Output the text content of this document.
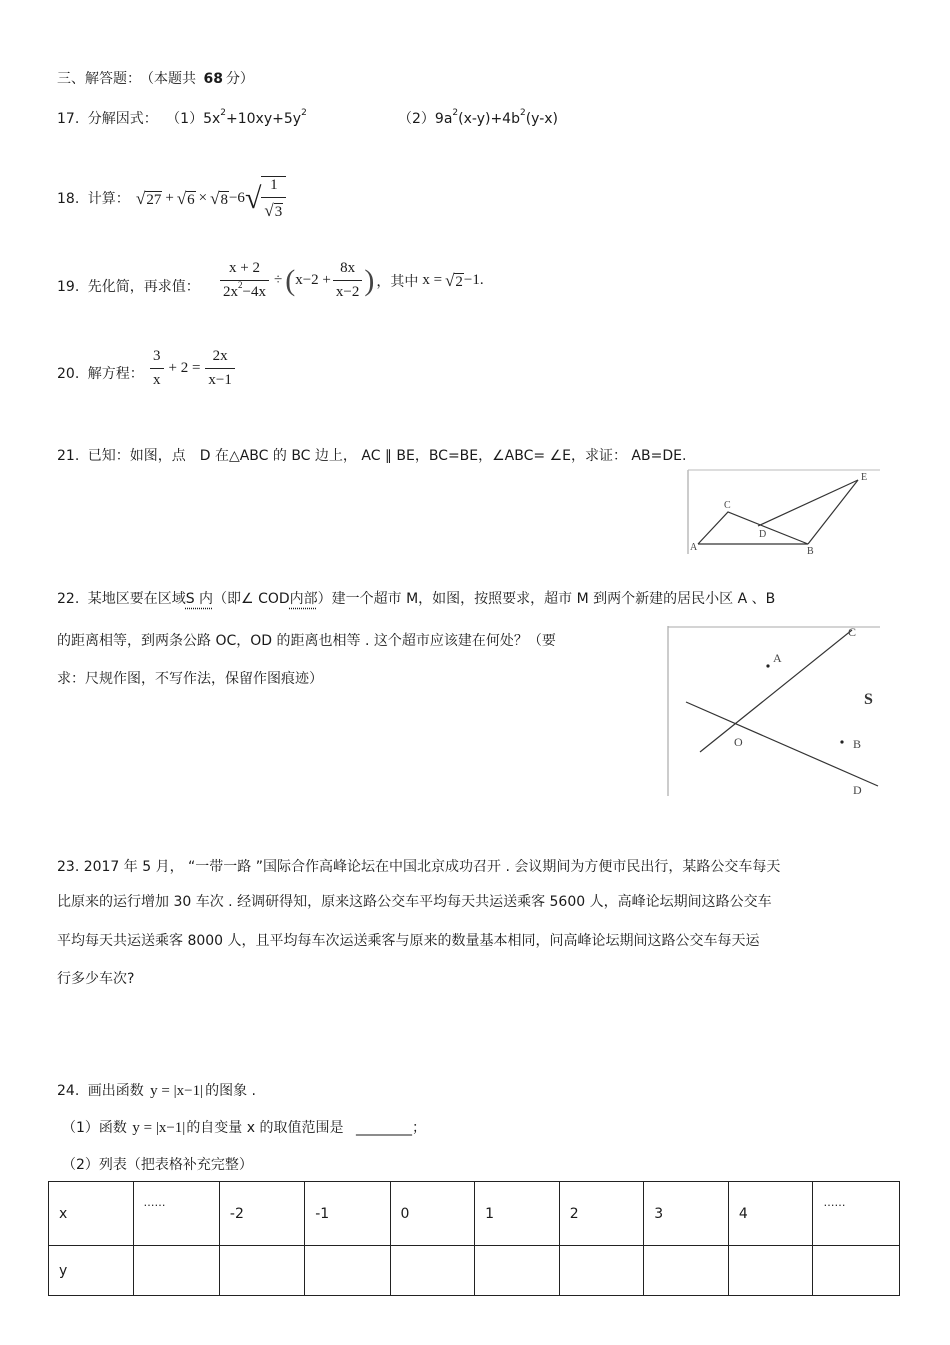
三、解答题： （本题共 68 分）
17. 分解因式： $(1)5x^2+10xy+5y^2$	$(2)9a^2(x-y)+4b^2(y-x)$
18. 计算： √27 + √6 × √8 −6 √ $\frac{1}{√3}$
19. 先化简，再求值： $\frac{x + 2}{2x^2-4x}$ ÷ ( $x-2 + \frac{8x}{x-2}$ ) ，其中 x = √2 −1 .
20. 解方程： $\frac{3}{x} + 2 = \frac{2x}{x-1}$
21. 已知：如图，点　D 在△ABC 的 BC 边上， AC ∥ BE，BC=BE，∠ABC= ∠E，求证： AB=DE.
A
C
D
B
E
22. 某地区要在区域S 内（即∠ COD内部）建一个超市 M，如图，按照要求，超市 M 到两个新建的居民小区 A 、B
的距离相等，到两条公路 OC，OD 的距离也相等 . 这个超市应该建在何处？（要
求：尺规作图，不写作法，保留作图痕迹）
C
A
S
O	B
D
23. 2017 年 5 月， “一带一路 ”国际合作高峰论坛在中国北京成功召开 . 会议期间为方便市民出行，某路公交车每天
比原来的运行增加 30 车次 . 经调研得知，原来这路公交车平均每天共运送乘客 5600 人，高峰论坛期间这路公交车
平均每天共运送乘客 8000 人，且平均每车次运送乘客与原来的数量基本相同，问高峰论坛期间这路公交车每天运
行多少车次?
24. 画出函数 y = |x−1| 的图象 .
（1）函数 y = |x−1|的自变量 x 的取值范围是 ________；
（2）列表（把表格补充完整）
x	……	-2	-1	0	1	2	3	4	……
y									
